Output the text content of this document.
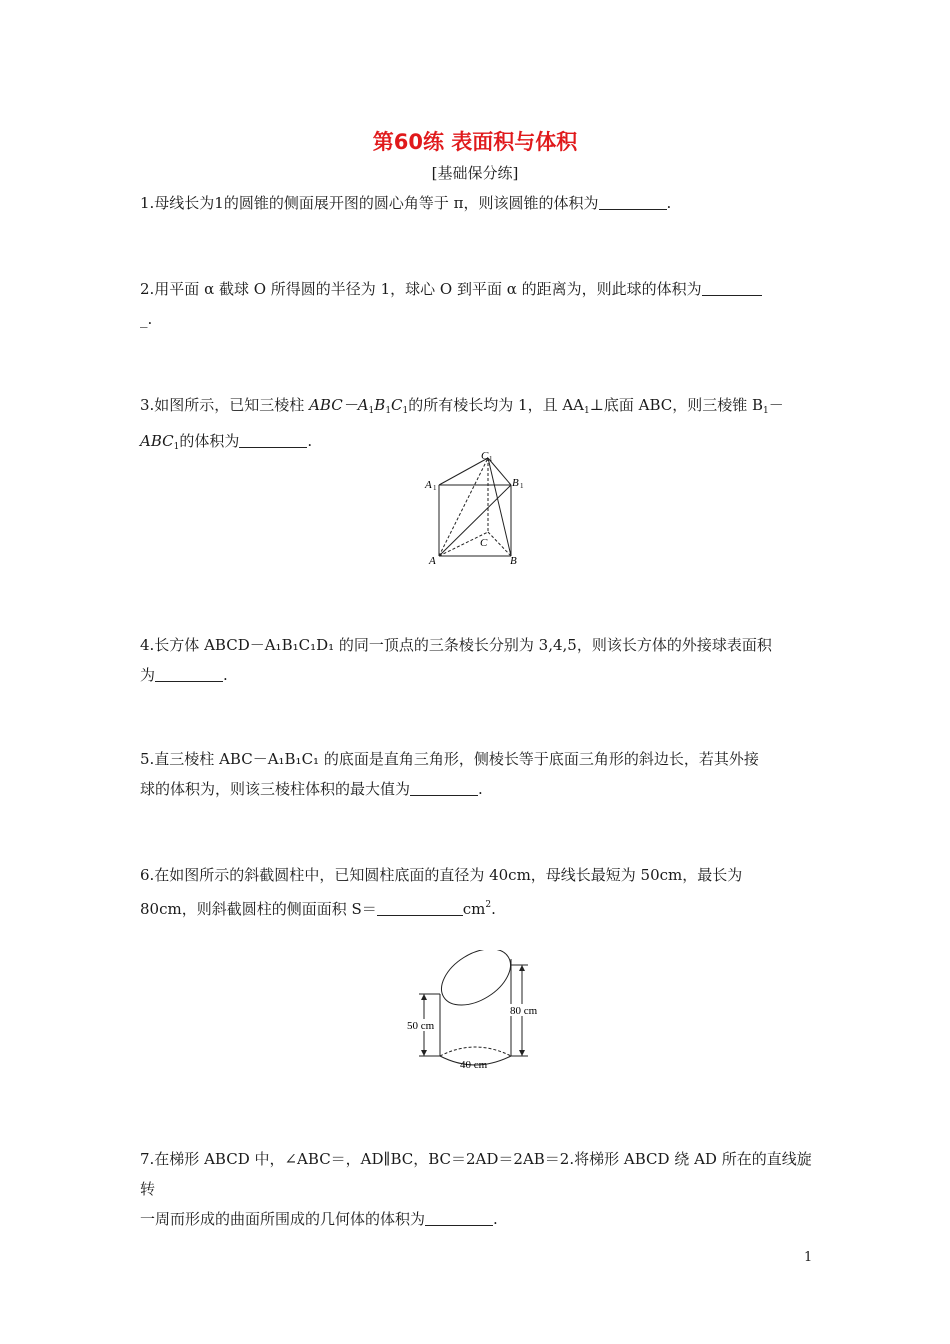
第60练 表面积与体积
[基础保分练]
1.母线长为1的圆锥的侧面展开图的圆心角等于 π，则该圆锥的体积为	.
2.用平面 α 截球 O 所得圆的半径为 1，球心 O 到平面 α 的距离为，则此球的体积为
_.
3.如图所示，已知三棱柱 $ABC-A_1B_1C_1$的所有棱长均为 1，且 $AA_1\perp$底面 ABC，则三棱锥 $B_1-$
$ABC_1$的体积为	.
C 1
A 1	B 1
C
A	B
4.长方体 ABCD－A₁B₁C₁D₁ 的同一顶点的三条棱长分别为 3,4,5，则该长方体的外接球表面积
为	.
5.直三棱柱 ABC－A₁B₁C₁ 的底面是直角三角形，侧棱长等于底面三角形的斜边长，若其外接
球的体积为，则该三棱柱体积的最大值为	.
6.在如图所示的斜截圆柱中，已知圆柱底面的直径为 40cm，母线长最短为 50cm，最长为
80cm，则斜截圆柱的侧面面积 S＝	$cm^2$.
50 cm
80 cm
40 cm
7.在梯形 ABCD 中，∠ABC＝，AD∥BC，BC＝2AD＝2AB＝2.将梯形 ABCD 绕 AD 所在的直线旋转
一周而形成的曲面所围成的几何体的体积为	.
1
